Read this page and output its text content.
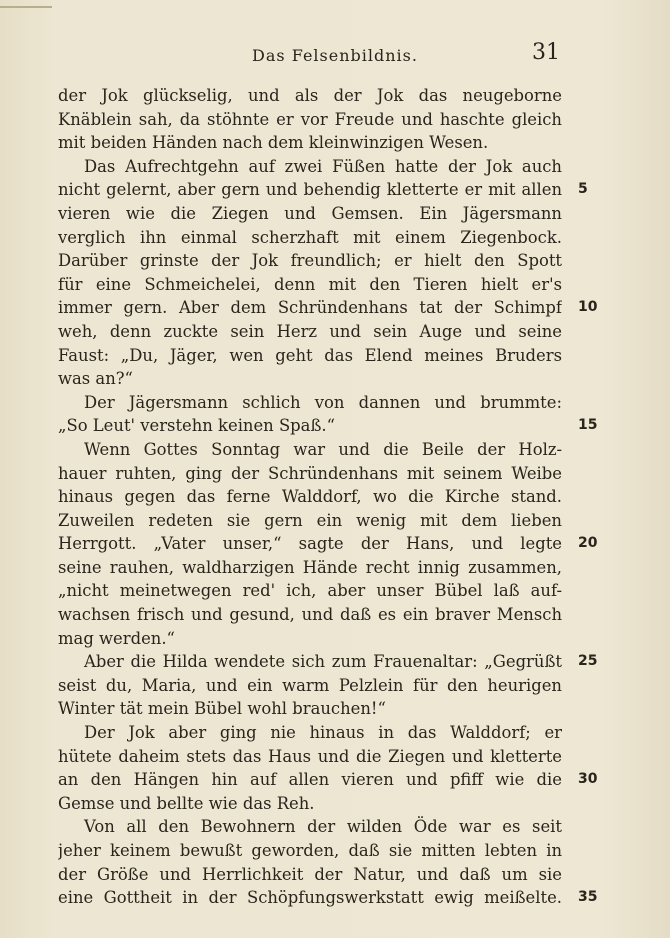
Das Felsenbildnis.	31
der Jok glückselig, und als der Jok das neugeborne
Knäblein sah, da stöhnte er vor Freude und haschte gleich
mit beiden Händen nach dem kleinwinzigen Wesen.
Das Aufrechtgehn auf zwei Füßen hatte der Jok auch
nicht gelernt, aber gern und behendig kletterte er mit allen
vieren wie die Ziegen und Gemsen. Ein Jägersmann
verglich ihn einmal scherzhaft mit einem Ziegenbock.
Darüber grinste der Jok freundlich; er hielt den Spott
für eine Schmeichelei, denn mit den Tieren hielt er's
immer gern. Aber dem Schründenhans tat der Schimpf
weh, denn zuckte sein Herz und sein Auge und seine
Faust: „Du, Jäger, wen geht das Elend meines Bruders
was an?“
Der Jägersmann schlich von dannen und brummte:
„So Leut' verstehn keinen Spaß.“
Wenn Gottes Sonntag war und die Beile der Holz-
hauer ruhten, ging der Schründenhans mit seinem Weibe
hinaus gegen das ferne Walddorf, wo die Kirche stand.
Zuweilen redeten sie gern ein wenig mit dem lieben
Herrgott. „Vater unser,“ sagte der Hans, und legte
seine rauhen, waldharzigen Hände recht innig zusammen,
„nicht meinetwegen red' ich, aber unser Bübel laß auf-
wachsen frisch und gesund, und daß es ein braver Mensch
mag werden.“
Aber die Hilda wendete sich zum Frauenaltar: „Gegrüßt
seist du, Maria, und ein warm Pelzlein für den heurigen
Winter tät mein Bübel wohl brauchen!“
Der Jok aber ging nie hinaus in das Walddorf; er
hütete daheim stets das Haus und die Ziegen und kletterte
an den Hängen hin auf allen vieren und pfiff wie die
Gemse und bellte wie das Reh.
Von all den Bewohnern der wilden Öde war es seit
jeher keinem bewußt geworden, daß sie mitten lebten in
der Größe und Herrlichkeit der Natur, und daß um sie
eine Gottheit in der Schöpfungswerkstatt ewig meißelte.
5
10
15
20
25
30
35
